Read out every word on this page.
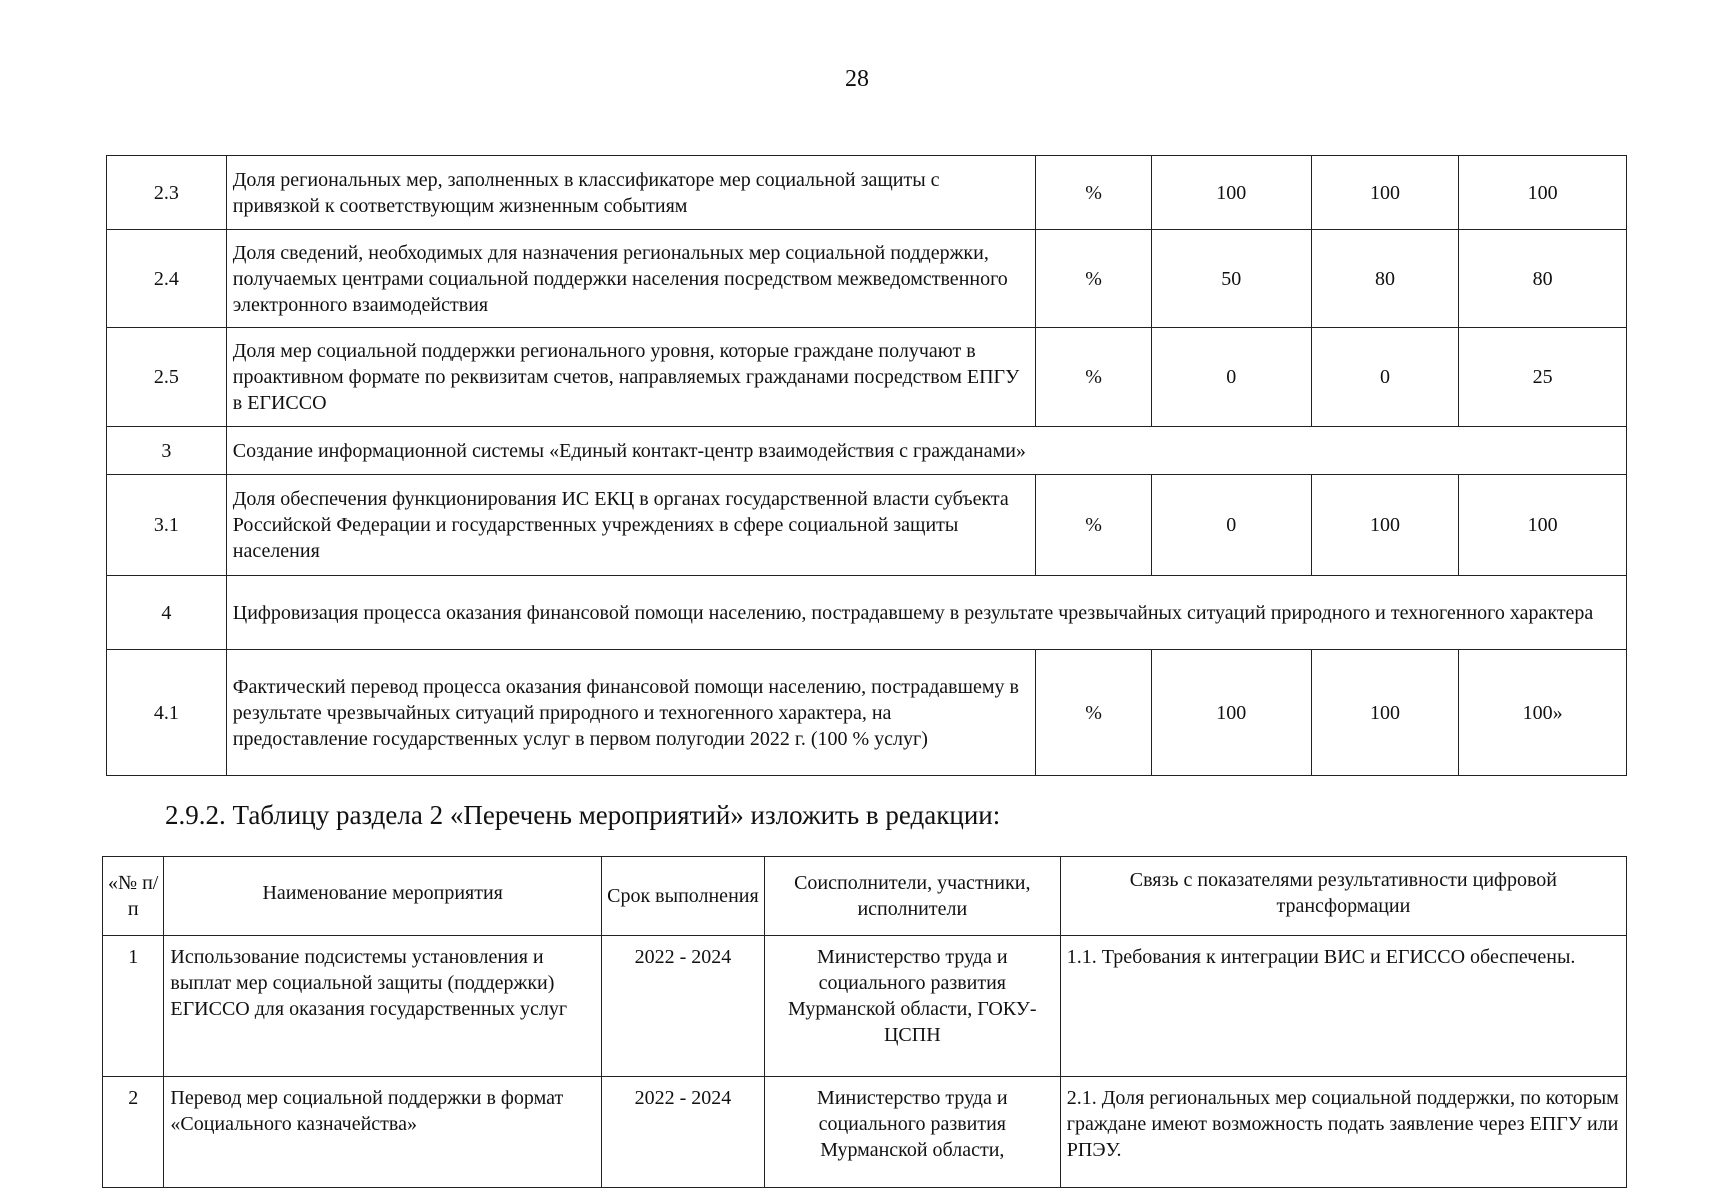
28
2.3	Доля региональных мер, заполненных в классификаторе мер социальной защиты с привязкой к соответствующим жизненным событиям	%	100	100	100
2.4	Доля сведений, необходимых для назначения региональных мер социальной поддержки, получаемых центрами социальной поддержки населения посредством межведомственного электронного взаимодействия	%	50	80	80
2.5	Доля мер социальной поддержки регионального уровня, которые граждане получают в проактивном формате по реквизитам счетов, направляемых гражданами посредством ЕПГУ в ЕГИССО	%	0	0	25
3	Создание информационной системы «Единый контакт-центр взаимодействия с гражданами»				
3.1	Доля обеспечения функционирования ИС ЕКЦ в органах государственной власти субъекта Российской Федерации и государственных учреждениях в сфере социальной защиты населения	%	0	100	100
4	Цифровизация процесса оказания финансовой помощи населению, пострадавшему в результате чрезвычайных ситуаций природного и техногенного характера				
4.1	Фактический перевод процесса оказания финансовой помощи населению, пострадавшему в результате чрезвычайных ситуаций природного и техногенного характера, на предоставление государственных услуг в первом полугодии 2022 г. (100 % услуг)	%	100	100	100»
2.9.2. Таблицу раздела 2 «Перечень мероприятий» изложить в редакции:
«№ п/п	Наименование мероприятия	Срок выполнения	Соисполнители, участники, исполнители	Связь с показателями результативности цифровой трансформации
1	Использование подсистемы установления и выплат мер социальной защиты (поддержки) ЕГИССО для оказания государственных услуг	2022 - 2024	Министерство труда и социального развития Мурманской области, ГОКУ-ЦСПН	1.1. Требования к интеграции ВИС и ЕГИССО обеспечены.
2	Перевод мер социальной поддержки в формат «Социального казначейства»	2022 - 2024	Министерство труда и социального развития Мурманской области,	2.1. Доля региональных мер социальной поддержки, по которым граждане имеют возможность подать заявление через ЕПГУ или РПЭУ.
